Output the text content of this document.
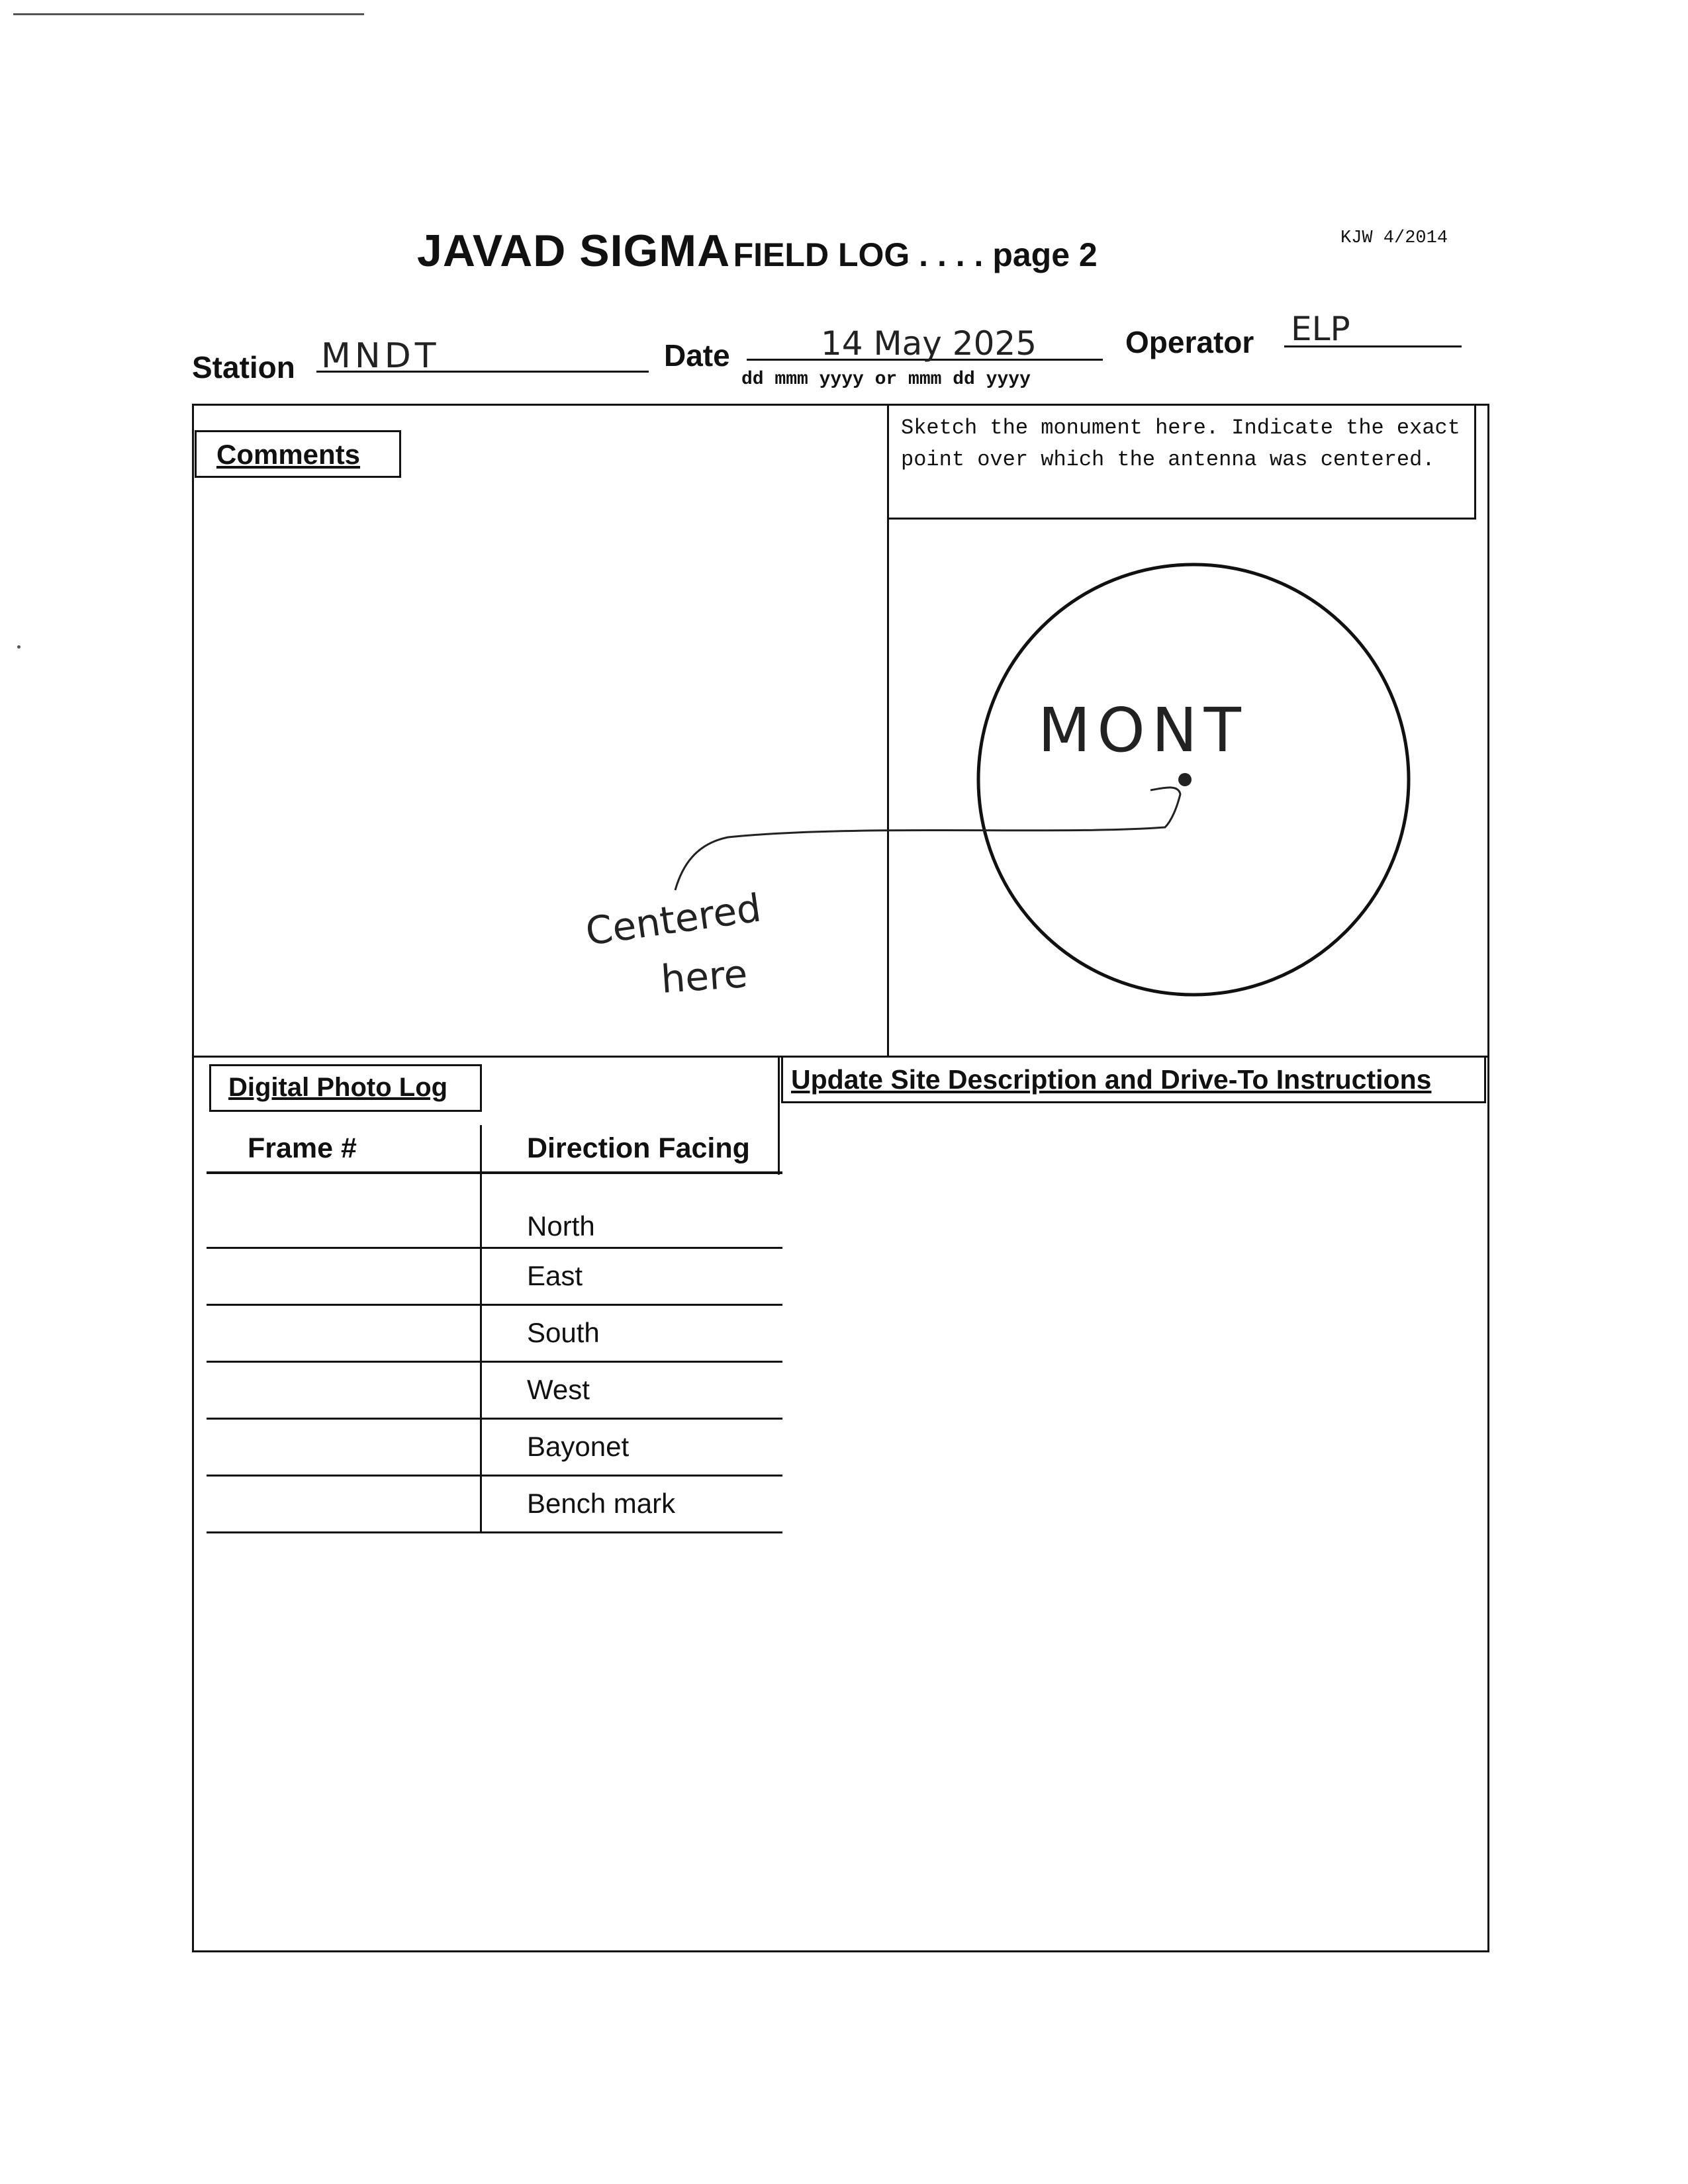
JAVAD SIGMA FIELD LOG . . . . page 2	KJW 4/2014
Station MNDT	Date	14 May 2025
dd mmm yyyy or mmm dd yyyy
Operator ELP
Comments
Sketch the monument here. Indicate the exact point over which the antenna was centered.
MONT
Centered
here
Digital Photo Log
Frame #	Direction Facing
	North
	East
	South
	West
	Bayonet
	Bench mark
Update Site Description and Drive-To Instructions
